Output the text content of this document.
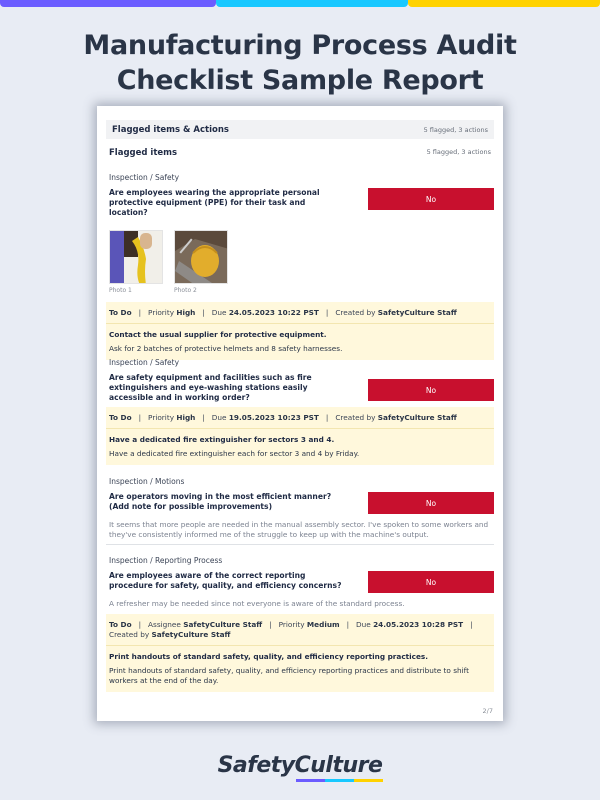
Manufacturing Process Audit
Checklist Sample Report
Flagged items & Actions	5 flagged, 3 actions
Flagged items	5 flagged, 3 actions
Inspection / Safety
Are employees wearing the appropriate personal protective equipment (PPE) for their task and location?
No
Photo 1	Photo 2
To Do   |   Priority High   |   Due 24.05.2023 10:22 PST   |   Created by SafetyCulture Staff
Contact the usual supplier for protective equipment.
Ask for 2 batches of protective helmets and 8 safety harnesses.
Inspection / Safety
Are safety equipment and facilities such as fire extinguishers and eye-washing stations easily accessible and in working order?
No
To Do   |   Priority High   |   Due 19.05.2023 10:23 PST   |   Created by SafetyCulture Staff
Have a dedicated fire extinguisher for sectors 3 and 4.
Have a dedicated fire extinguisher each for sector 3 and 4 by Friday.
Inspection / Motions
Are operators moving in the most efficient manner? (Add note for possible improvements)	No
It seems that more people are needed in the manual assembly sector. I've spoken to some workers and they've consistently informed me of the struggle to keep up with the machine's output.
Inspection / Reporting Process
Are employees aware of the correct reporting procedure for safety, quality, and efficiency concerns?	No
A refresher may be needed since not everyone is aware of the standard process.
To Do   |   Assignee SafetyCulture Staff   |   Priority Medium   |   Due 24.05.2023 10:28 PST   |   Created by SafetyCulture Staff
Print handouts of standard safety, quality, and efficiency reporting practices.
Print handouts of standard safety, quality, and efficiency reporting practices and distribute to shift workers at the end of the day.
2/7
SafetyCulture
